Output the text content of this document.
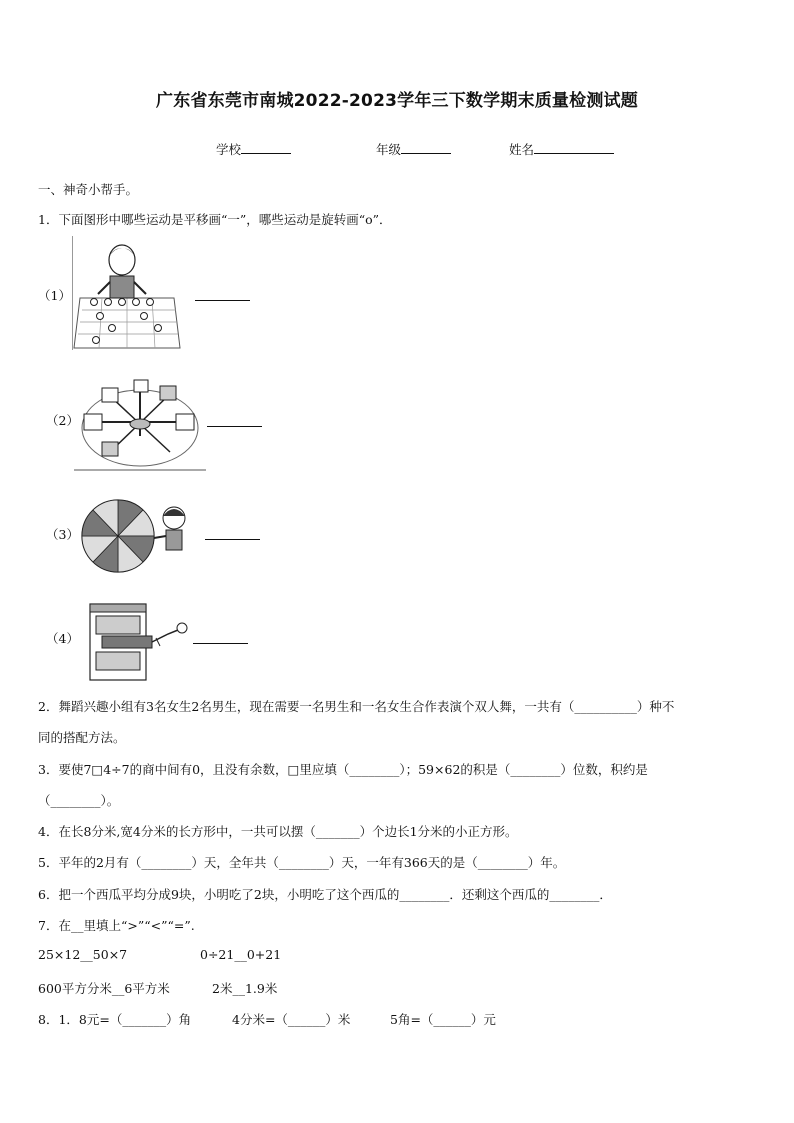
广东省东莞市南城2022-2023学年三下数学期末质量检测试题
学校	年级	姓名
一、神奇小帮手。
1．下面图形中哪些运动是平移画“一”，哪些运动是旋转画“o”．
（1）
（2）
（3）
（4）
2．舞蹈兴趣小组有3名女生2名男生，现在需要一名男生和一名女生合作表演个双人舞，一共有（__________）种不
同的搭配方法。
3．要使7□4÷7的商中间有0，且没有余数，□里应填（________）；59×62的积是（________）位数，积约是
（________）。
4．在长8分米,宽4分米的长方形中，一共可以摆（_______）个边长1分米的小正方形。
5．平年的2月有（________）天，全年共（________）天，一年有366天的是（________）年。
6．把一个西瓜平均分成9块，小明吃了2块，小明吃了这个西瓜的________．还剩这个西瓜的________．
7．在__里填上“>”“<”“=”.
25×12__50×7	0÷21__0+21
600平方分米__6平方米	2米__1.9米
8．1．8元=（_______）角	4分米=（______）米	5角=（______）元
